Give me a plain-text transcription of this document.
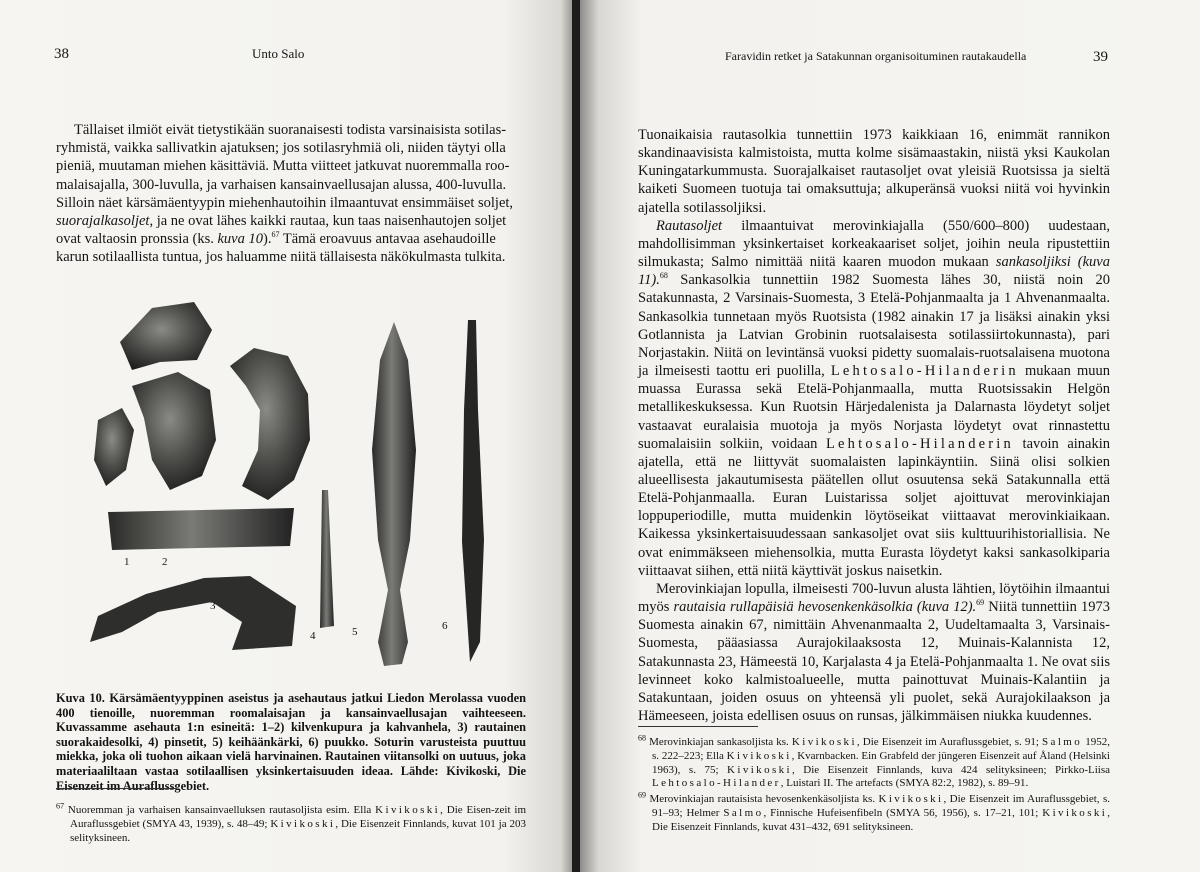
38	Unto Salo

Tällaiset ilmiöt eivät tietystikään suoranaisesti todista varsinaisista sotilas-

ryhmistä, vaikka sallivatkin ajatuksen; jos sotilasryhmiä oli, niiden täytyi olla

pieniä, muutaman miehen käsittäviä. Mutta viitteet jatkuvat nuoremmalla roo-

malaisajalla, 300-luvulla, ja varhaisen kansainvaellusajan alussa, 400-luvulla.

Silloin näet kärsämäentyypin miehenhautoihin ilmaantuvat ensimmäiset soljet,

suorajalkasoljet, ja ne ovat lähes kaikki rautaa, kun taas naisenhautojen soljet

ovat valtaosin pronssia (ks. kuva 10).$^{67}$ Tämä eroavuus antavaa asehaudoille

karun sotilaallista tuntua, jos haluamme niitä tällaisesta näkökulmasta tulkita.

1	2
3
4	5	6

Kuva 10. Kärsämäentyyppinen aseistus ja asehautaus jatkui Liedon Merolassa vuoden 400 tienoille, nuoremman roomalaisajan ja kansainvaellusajan vaihteeseen. Kuvassamme asehauta 1:n esineitä: 1–2) kilvenkupura ja kahvanhela, 3) rautainen suorakaidesolki, 4) pinsetit, 5) keihäänkärki, 6) puukko. Soturin varusteista puuttuu miekka, joka oli tuohon aikaan vielä harvinainen. Rautainen viitansolki on uutuus, joka materiaaliltaan vastaa sotilaallisen yksinkertaisuuden ideaa. Lähde: Kivikoski, Die Eisenzeit im Auraflussgebiet.

$^{67}$ Nuoremman ja varhaisen kansainvaelluksen rautasoljista esim. Ella Kivikoski, Die Eisen-zeit im Auraflussgebiet (SMYA 43, 1939), s. 48–49; Kivikoski, Die Eisenzeit Finnlands, kuvat 101 ja 203 selityksineen.

Faravidin retket ja Satakunnan organisoituminen rautakaudella	39

Tuonaikaisia rautasolkia tunnettiin 1973 kaikkiaan 16, enimmät rannikon skandinaavisista kalmistoista, mutta kolme sisämaastakin, niistä yksi Kaukolan Kuningatarkummusta. Suorajalkaiset rautasoljet ovat yleisiä Ruotsissa ja sieltä kaiketi Suomeen tuotuja tai omaksuttuja; alkuperänsä vuoksi niitä voi hyvinkin ajatella sotilassoljiksi.

Rautasoljet ilmaantuivat merovinkiajalla (550/600–800) uudestaan, mahdollisimman yksinkertaiset korkeakaariset soljet, joihin neula ripustettiin silmukasta; Salmo nimittää niitä kaaren muodon mukaan sankasoljiksi (kuva 11).$^{68}$ Sankasolkia tunnettiin 1982 Suomesta lähes 30, niistä noin 20 Satakunnasta, 2 Varsinais-Suomesta, 3 Etelä-Pohjanmaalta ja 1 Ahvenanmaalta. Sankasolkia tunnetaan myös Ruotsista (1982 ainakin 17 ja lisäksi ainakin yksi Gotlannista ja Latvian Grobinin ruotsalaisesta sotilassiirtokunnasta), pari Norjastakin. Niitä on levintänsä vuoksi pidetty suomalais-ruotsalaisena muotona ja ilmeisesti taottu eri puolilla, Lehtosalo-Hilanderin mukaan muun muassa Eurassa sekä Etelä-Pohjanmaalla, mutta Ruotsissakin Helgön metallikeskuksessa. Kun Ruotsin Härjedalenista ja Dalarnasta löydetyt soljet vastaavat euralaisia muotoja ja myös Norjasta löydetyt ovat rinnastettu suomalaisiin solkiin, voidaan Lehtosalo-Hilanderin tavoin ainakin ajatella, että ne liittyvät suomalaisten lapinkäyntiin. Siinä olisi solkien alueellisesta jakautumisesta päätellen ollut osuutensa sekä Satakunnalla että Etelä-Pohjanmaalla. Euran Luistarissa soljet ajoittuvat merovinkiajan loppuperiodille, mutta muidenkin löytöseikat viittaavat merovinkiaikaan. Kaikessa yksinkertaisuudessaan sankasoljet ovat siis kulttuurihistoriallisia. Ne ovat enimmäkseen miehensolkia, mutta Eurasta löydetyt kaksi sankasolkiparia viittaavat siihen, että niitä käyttivät joskus naisetkin.

Merovinkiajan lopulla, ilmeisesti 700-luvun alusta lähtien, löytöihin ilmaantui myös rautaisia rullapäisiä hevosenkenkäsolkia (kuva 12).$^{69}$ Niitä tunnettiin 1973 Suomesta ainakin 67, nimittäin Ahvenanmaalta 2, Uudeltamaalta 3, Varsinais-Suomesta, pääasiassa Aurajokilaaksosta 12, Muinais-Kalannista 12, Satakunnasta 23, Hämeestä 10, Karjalasta 4 ja Etelä-Pohjanmaalta 1. Ne ovat siis levinneet koko kalmistoalueelle, mutta painottuvat Muinais-Kalantiin ja Satakuntaan, joiden osuus on yhteensä yli puolet, sekä Aurajokilaakson ja Hämeeseen, joista edellisen osuus on runsas, jälkimmäisen niukka kuudennes.

$^{68}$ Merovinkiajan sankasoljista ks. Kivikoski, Die Eisenzeit im Auraflussgebiet, s. 91; Salmo 1952, s. 222–223; Ella Kivikoski, Kvarnbacken. Ein Grabfeld der jüngeren Eisenzeit auf Åland (Helsinki 1963), s. 75; Kivikoski, Die Eisenzeit Finnlands, kuva 424 selityksineen; Pirkko-Liisa Lehtosalo-Hilander, Luistari II. The artefacts (SMYA 82:2, 1982), s. 89–91.

$^{69}$ Merovinkiajan rautaisista hevosenkenkäsoljista ks. Kivikoski, Die Eisenzeit im Auraflussgebiet, s. 91–93; Helmer Salmo, Finnische Hufeisenfibeln (SMYA 56, 1956), s. 17–21, 101; Kivikoski, Die Eisenzeit Finnlands, kuvat 431–432, 691 selityksineen.
